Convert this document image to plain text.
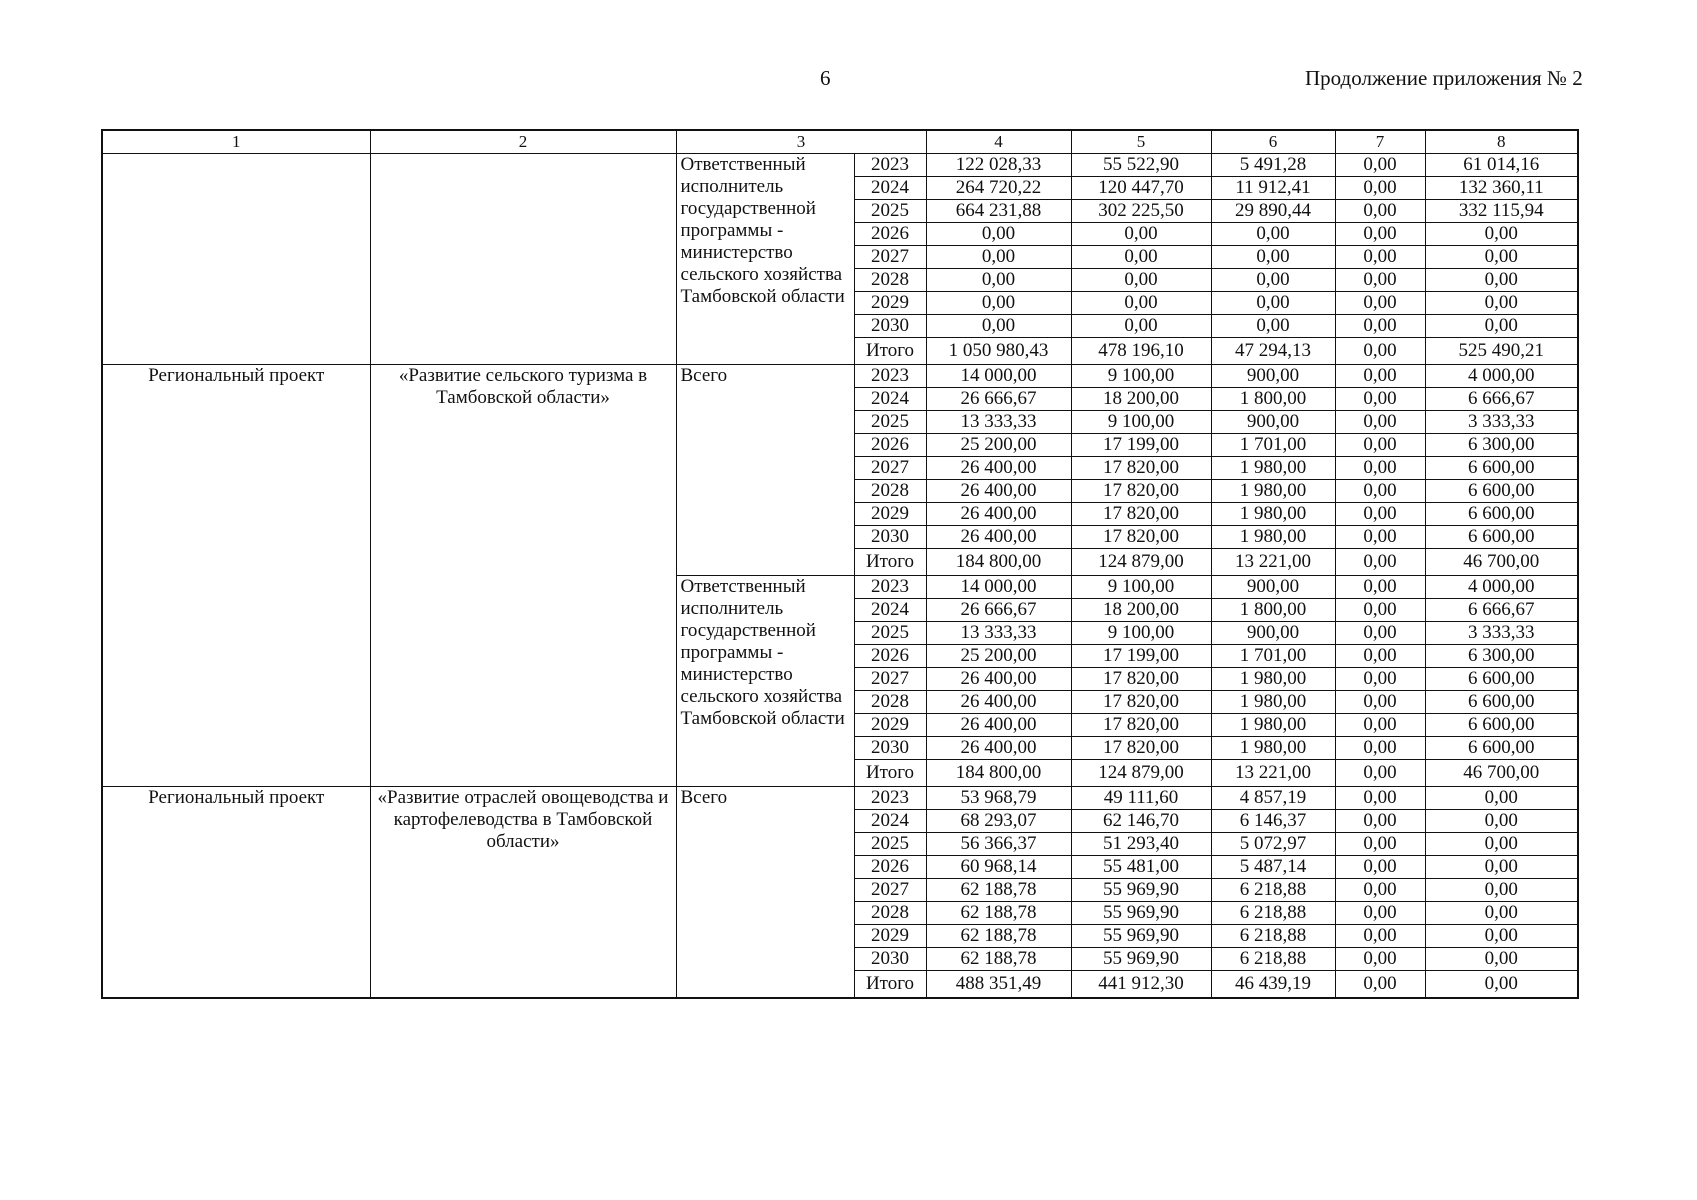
6	Продолжение приложения № 2
1	2	3		4	5	6	7	8
		Ответственный исполнитель государственной программы - министерство сельского хозяйства Тамбовской области	2023	122 028,33	55 522,90	5 491,28	0,00	61 014,16
			2024	264 720,22	120 447,70	11 912,41	0,00	132 360,11
			2025	664 231,88	302 225,50	29 890,44	0,00	332 115,94
			2026	0,00	0,00	0,00	0,00	0,00
			2027	0,00	0,00	0,00	0,00	0,00
			2028	0,00	0,00	0,00	0,00	0,00
			2029	0,00	0,00	0,00	0,00	0,00
			2030	0,00	0,00	0,00	0,00	0,00
			Итого	1 050 980,43	478 196,10	47 294,13	0,00	525 490,21
Региональный проект	«Развитие сельского туризма в Тамбовской области»	Всего	2023	14 000,00	9 100,00	900,00	0,00	4 000,00
			2024	26 666,67	18 200,00	1 800,00	0,00	6 666,67
			2025	13 333,33	9 100,00	900,00	0,00	3 333,33
			2026	25 200,00	17 199,00	1 701,00	0,00	6 300,00
			2027	26 400,00	17 820,00	1 980,00	0,00	6 600,00
			2028	26 400,00	17 820,00	1 980,00	0,00	6 600,00
			2029	26 400,00	17 820,00	1 980,00	0,00	6 600,00
			2030	26 400,00	17 820,00	1 980,00	0,00	6 600,00
			Итого	184 800,00	124 879,00	13 221,00	0,00	46 700,00
		Ответственный исполнитель государственной программы - министерство сельского хозяйства Тамбовской области	2023	14 000,00	9 100,00	900,00	0,00	4 000,00
			2024	26 666,67	18 200,00	1 800,00	0,00	6 666,67
			2025	13 333,33	9 100,00	900,00	0,00	3 333,33
			2026	25 200,00	17 199,00	1 701,00	0,00	6 300,00
			2027	26 400,00	17 820,00	1 980,00	0,00	6 600,00
			2028	26 400,00	17 820,00	1 980,00	0,00	6 600,00
			2029	26 400,00	17 820,00	1 980,00	0,00	6 600,00
			2030	26 400,00	17 820,00	1 980,00	0,00	6 600,00
			Итого	184 800,00	124 879,00	13 221,00	0,00	46 700,00
Региональный проект	«Развитие отраслей овощеводства и картофелеводства в Тамбовской области»	Всего	2023	53 968,79	49 111,60	4 857,19	0,00	0,00
			2024	68 293,07	62 146,70	6 146,37	0,00	0,00
			2025	56 366,37	51 293,40	5 072,97	0,00	0,00
			2026	60 968,14	55 481,00	5 487,14	0,00	0,00
			2027	62 188,78	55 969,90	6 218,88	0,00	0,00
			2028	62 188,78	55 969,90	6 218,88	0,00	0,00
			2029	62 188,78	55 969,90	6 218,88	0,00	0,00
			2030	62 188,78	55 969,90	6 218,88	0,00	0,00
			Итого	488 351,49	441 912,30	46 439,19	0,00	0,00
